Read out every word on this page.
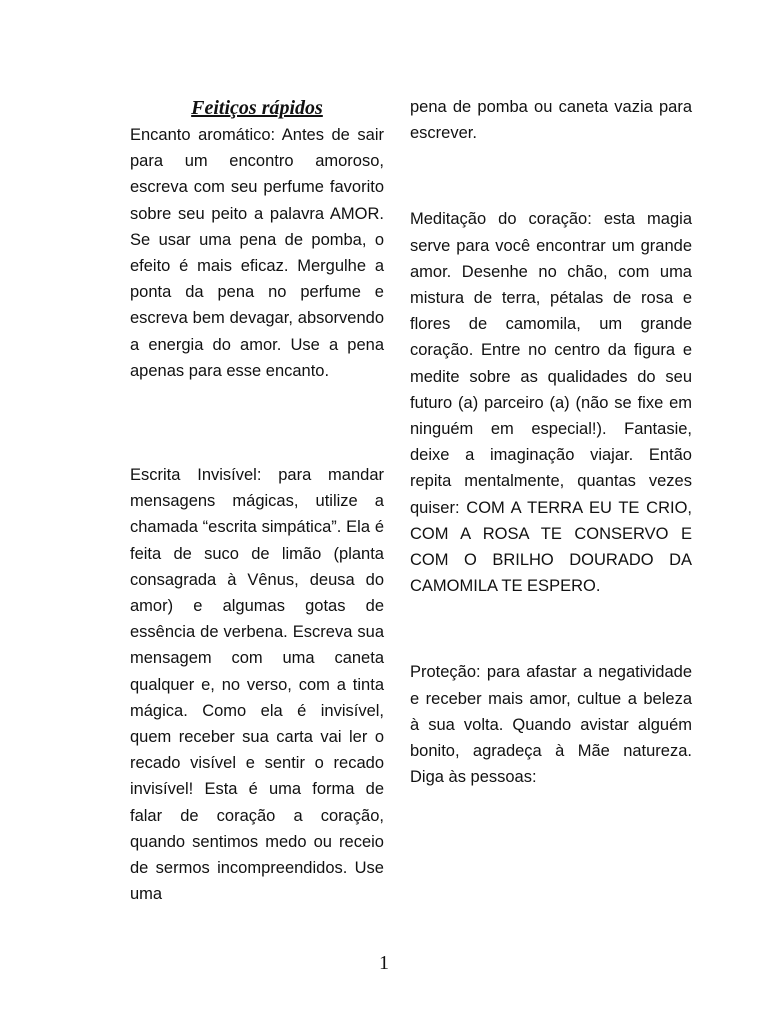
Feitiços rápidos

Encanto aromático: Antes de sair para um encontro amoroso, escreva com seu perfume favorito sobre seu peito a palavra AMOR. Se usar uma pena de pomba, o efeito é mais eficaz. Mergulhe a ponta da pena no perfume e escreva bem devagar, absorvendo a energia do amor. Use a pena apenas para esse encanto.

Escrita Invisível: para mandar mensagens mágicas, utilize a chamada “escrita simpática”. Ela é feita de suco de limão (planta consagrada à Vênus, deusa do amor) e algumas gotas de essência de verbena. Escreva sua mensagem com uma caneta qualquer e, no verso, com a tinta mágica. Como ela é invisível, quem receber sua carta vai ler o recado visível e sentir o recado invisível! Esta é uma forma de falar de coração a coração, quando sentimos medo ou receio de sermos incompreendidos. Use uma

pena de pomba ou caneta vazia para escrever.

Meditação do coração: esta magia serve para você encontrar um grande amor. Desenhe no chão, com uma mistura de terra, pétalas de rosa e flores de camomila, um grande coração. Entre no centro da figura e medite sobre as qualidades do seu futuro (a) parceiro (a) (não se fixe em ninguém em especial!). Fantasie, deixe a imaginação viajar. Então repita mentalmente, quantas vezes quiser: COM A TERRA EU TE CRIO, COM A ROSA TE CONSERVO E COM O BRILHO DOURADO DA CAMOMILA TE ESPERO.

Proteção: para afastar a negatividade e receber mais amor, cultue a beleza à sua volta. Quando avistar alguém bonito, agradeça à Mãe natureza. Diga às pessoas:

1
